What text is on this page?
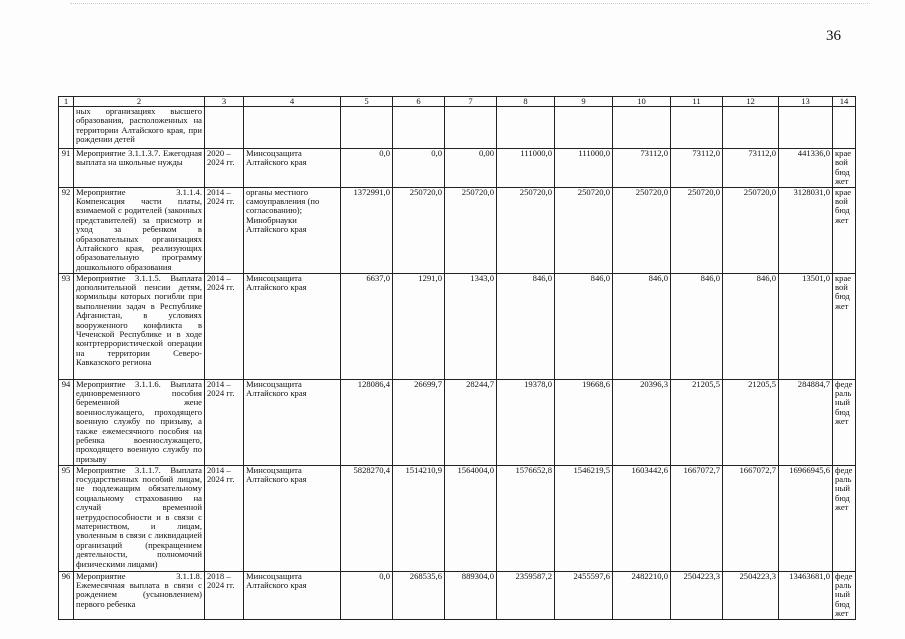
36
1	2	3	4	5	6	7	8	9	10	11	12	13	14
	ных организациях высшего образования, расположенных на территории Алтайского края, при рождении детей												
91	Мероприятие 3.1.1.3.7. Ежегодная выплата на школьные нужды	2020 – 2024 гг.	Минсоцзащита Алтайского края	0,0	0,0	0,00	111000,0	111000,0	73112,0	73112,0	73112,0	441336,0	краевой бюджет
92	Мероприятие 3.1.1.4. Компенсация части платы, взимаемой с родителей (законных представителей) за присмотр и уход за ребенком в образовательных организациях Алтайского края, реализующих образовательную программу дошкольного образования	2014 – 2024 гг.	органы местного самоуправления (по согласованию); Минобрнауки Алтайского края	1372991,0	250720,0	250720,0	250720,0	250720,0	250720,0	250720,0	250720,0	3128031,0	краевой бюджет
93	Мероприятие 3.1.1.5. Выплата дополнительной пенсии детям, кормильцы которых погибли при выполнении задач в Республике Афганистан, в условиях вооруженного конфликта в Чеченской Республике и в ходе контртеррористической операции на территории Северо-Кавказского региона	2014 – 2024 гг.	Минсоцзащита Алтайского края	6637,0	1291,0	1343,0	846,0	846,0	846,0	846,0	846,0	13501,0	краевой бюджет
94	Мероприятие 3.1.1.6. Выплата единовременного пособия беременной жене военнослужащего, проходящего военную службу по призыву, а также ежемесячного пособия на ребенка военнослужащего, проходящего военную службу по призыву	2014 – 2024 гг.	Минсоцзащита Алтайского края	128086,4	26699,7	28244,7	19378,0	19668,6	20396,3	21205,5	21205,5	284884,7	федеральный бюджет
95	Мероприятие 3.1.1.7. Выплата государственных пособий лицам, не подлежащим обязательному социальному страхованию на случай временной нетрудоспособности и в связи с материнством, и лицам, уволенным в связи с ликвидацией организаций (прекращением деятельности, полномочий физическими лицами)	2014 – 2024 гг.	Минсоцзащита Алтайского края	5828270,4	1514210,9	1564004,0	1576652,8	1546219,5	1603442,6	1667072,7	1667072,7	16966945,6	федеральный бюджет
96	Мероприятие 3.1.1.8. Ежемесячная выплата в связи с рождением (усыновлением) первого ребенка	2018 – 2024 гг.	Минсоцзащита Алтайского края	0,0	268535,6	889304,0	2359587,2	2455597,6	2482210,0	2504223,3	2504223,3	13463681,0	федеральный бюджет
